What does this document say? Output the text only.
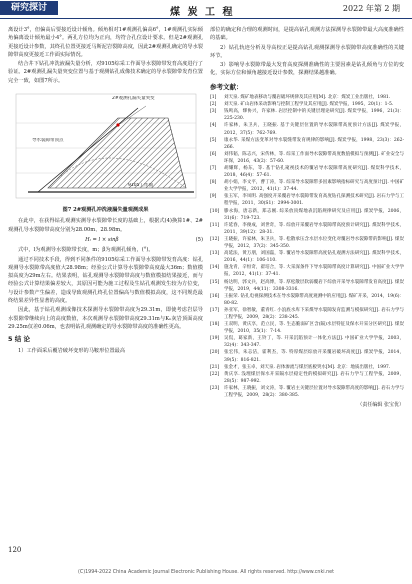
研究探讨	煤 炭 工 程	2022 年第 2 期

离设计3°，但偏高后要接近设计倾角。倾角相对1#观测孔偏高6°，1#观测孔实际倾角偏离设计倾角最小4°。两孔方位均为正向，均符合孔位设计要求。但是2#观测孔更接近设计参数，其终孔位置更接近马斯泥岩裂隙高度，因此2#观测孔确定的导水裂隙带高度更接近工作面实际情况。

结合井下钻孔冲洗液漏失量分析，对9105综采工作面导水裂隙带发育高度进行了验证。2#观测孔漏失量突变位置与基于观测钻孔成像技术确定的导水裂隙带发育位置完全一致，如图7所示。

2#观测孔漏失量突变
导水裂隙带顶点
9105工作面
图7 2#观测孔冲洗液漏失量观测成果

在此中，在获得钻孔观测实测导水裂隙带长度的基础上，根据式(4)换算1#、2#观测孔导水裂隙带高度分别为28.00m、28.98m。

Hₗ = l × sinβ	(5)

式中，l为观测导水裂隙带长度，m；β为观测孔倾角，(°)。

通过不同技术手段，得到不同条件的9105综采工作面导水裂隙带发育高度：钻孔观测导水裂隙带高度值大28.98m；经验公式计算导水裂隙带高度最大36m；数值模拟高度为29m左右。结果表明，钻孔观测导水裂隙带高度与数值模拟结果接近，而与经验公式计算结果偏差较大，其原因可能为施工过程及生钻孔观测发生较为方位变，与设计参数产生偏差，造成导致观测孔终孔位置偏高与数值模拟高度，这不同规范最终结果差异性显著的高度。

因此，基于钻孔观测成像技术探测导水裂隙带高度为29.31m，即使考虑岩层导水裂隙带继续向上的高度数值，本次观测导水裂隙带高度29.31m与Kₙ灰岩顶面高度29.25m仅差0.06m，也表明钻孔观测确定的导水裂隙带高度的准确性更高。

5 结 论

1）工作面采后覆岩破坏变形的马鞍形位置最高

部位的确定和合理的观测时间，是提高钻孔观测方法探测导水裂隙带最大高度准确性的基础。

2）钻孔轨迹分析及导高校正是提高钻孔观测探测导水裂隙带高度准确性的关键环节。

3）影响导水裂隙带最大发育高度探测准确性的主要因素是钻孔倾角与方位的变化，实际方位和倾角越接近设计参数，探测结果越准确。

参考文献：
[1]	刘天泉. 煤矿地表移动与覆岩破坏规律及其应用[M]. 北京：煤炭工业出版社，1981.
[2]	刘天泉. 矿山岩体采动影响与控制工程学及其应用[J]. 煤炭学报，1995，20(1)：1-5.
[3]	钱鸣高，缪协兴，许家林. 岩层控制中的关键层理论研究[J]. 煤炭学报，1996，21(3)：225-230.
[4]	许家林，朱卫兵，王晓振. 基于关键层位置的导水裂隙带高度预计方法[J]. 煤炭学报，2012，37(5)：762-769.
[5]	康永华. 采煤方法变革对导水裂缝带发育规律的影响[J]. 煤炭学报，1998，23(3)：262-266.
[6]	刘伟韬，陈志兴，宋传林，等. 综采工作面导水裂隙带高度数值模拟与预测[J]. 矿业安全与环保，2016，43(2)：57-60.
[7]	胡耀辉，杨东，等. 基于钻孔窥视技术的覆岩导水裂隙带高度研究[J]. 煤炭科学技术，2018，46(4)：57-61.
[8]	胡小娟，李文平，曹丁涛，等. 综采导水裂隙带多因素影响指标研究与高度预计[J]. 中国矿业大学学报，2012，41(1)：37-44.
[9]	张玉军，李凤明. 高强度开采覆岩导水裂隙带发育高度钻孔探测技术研究[J]. 岩石力学与工程学报，2011，30(S1)：2994-3001.
[10]	滕永海，唐志新，郑志刚. 综采放顶煤地表沉陷规律研究及应用[J]. 煤炭学报，2006，31(6)：719-723.
[11]	许延春，李俊成，刘世奇，等. 综放开采覆岩导水裂隙带高度预计研究[J]. 煤炭科学技术，2011，39(12)：28-31.
[12]	王晓振，许家林，朱卫兵，等. 松散承压含水层水位变化对覆岩导水裂隙带的影响[J]. 煤炭学报，2012，37(2)：345-350.
[13]	高延法，黄万朋，刘国磊，等. 覆岩导水裂隙带高度钻孔观测方法研究[J]. 煤炭科学技术，2016，44(1)：106-110.
[14]	施龙青，辛恒奇，翟培合，等. 大采深条件下导水裂隙带高度计算研究[J]. 中国矿业大学学报，2012，41(1)：37-41.
[15]	杨达明，郭文兵，赵高博，等. 厚松散层软弱覆岩下综放开采导水裂隙带发育高度[J]. 煤炭学报，2019，44(11)：3308-3316.
[16]	王振荣. 钻孔电视探测技术在导水裂隙带高度观测中的应用[J]. 煤矿开采，2014，19(6)：80-82.
[17]	孙亚军，徐智敏，董青红. 小浪底水库下采煤导水裂隙发育监测与模拟研究[J]. 岩石力学与工程学报，2009，28(2)：238-245.
[18]	王双明，黄庆享，范立民，等. 生态脆弱矿区含(隔)水层特征及保水开采分区研究[J]. 煤炭学报，2010，35(1)：7-14.
[19]	吴侃，葛家新，王铃丁，等. 开采沉陷预计一体化方法[J]. 中国矿业大学学报，2003，32(4)：343-347.
[20]	张宏伟，朱志洁，霍利杰，等. 特厚煤层综放开采覆岩破坏高度[J]. 煤炭学报，2014，39(5)：816-821.
[21]	张金才，张玉卓，刘天泉. 岩体渗流与煤层底板突水[M]. 北京：地质出版社，1997.
[22]	黄庆享. 浅埋煤层保水开采隔水层稳定性的模拟研究[J]. 岩石力学与工程学报，2009，28(5)：987-992.
[23]	许家林，王晓振，刘文涛，等. 覆岩主关键层位置对导水裂隙带高度的影响[J]. 岩石力学与工程学报，2009，28(2)：380-385.
（责任编辑 张宝优）
120
(C)1994-2022 China Academic Journal Electronic Publishing House. All rights reserved. http://www.cnki.net
